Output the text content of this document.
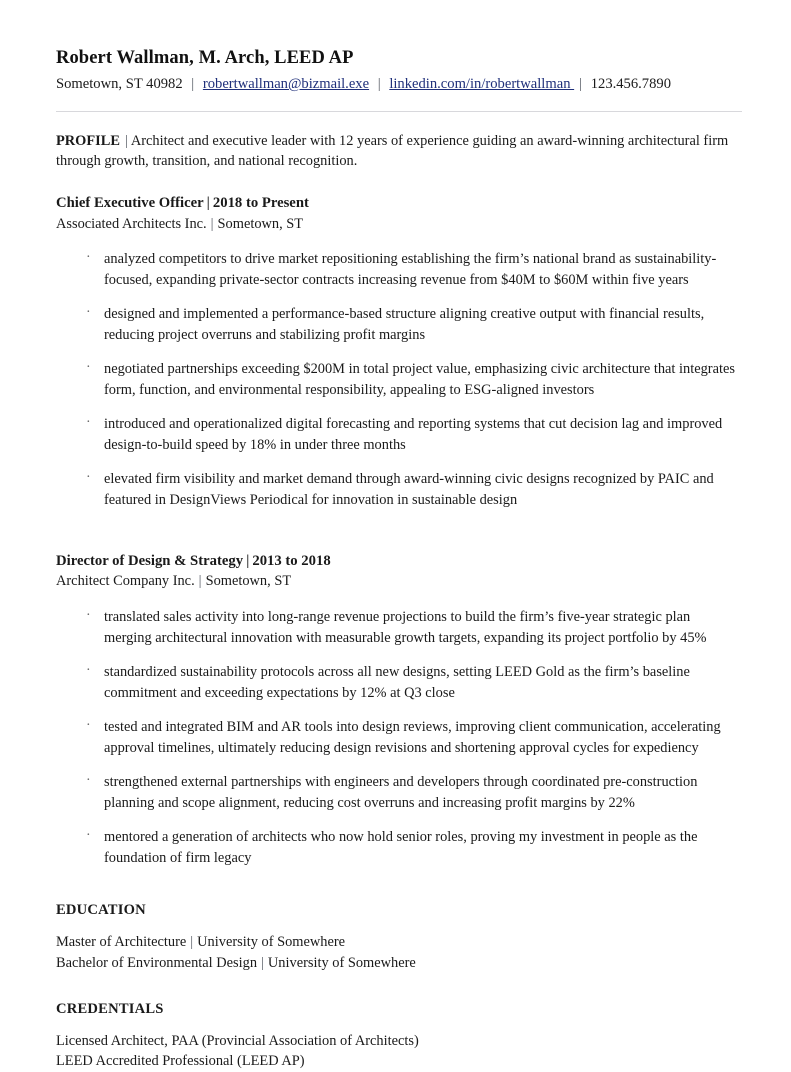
Robert Wallman, M. Arch, LEED AP

Sometown, ST 40982 | robertwallman@bizmail.exe | linkedin.com/in/robertwallman | 123.456.7890

PROFILE | Architect and executive leader with 12 years of experience guiding an award-winning architectural firm through growth, transition, and national recognition.

Chief Executive Officer | 2018 to Present

Associated Architects Inc. | Sometown, ST

· analyzed competitors to drive market repositioning establishing the firm’s national brand as sustainability-focused, expanding private-sector contracts increasing revenue from $40M to $60M within five years
· designed and implemented a performance-based structure aligning creative output with financial results, reducing project overruns and stabilizing profit margins
· negotiated partnerships exceeding $200M in total project value, emphasizing civic architecture that integrates form, function, and environmental responsibility, appealing to ESG-aligned investors
· introduced and operationalized digital forecasting and reporting systems that cut decision lag and improved design-to-build speed by 18% in under three months
· elevated firm visibility and market demand through award-winning civic designs recognized by PAIC and featured in DesignViews Periodical for innovation in sustainable design

Director of Design & Strategy | 2013 to 2018

Architect Company Inc. | Sometown, ST

· translated sales activity into long-range revenue projections to build the firm’s five-year strategic plan merging architectural innovation with measurable growth targets, expanding its project portfolio by 45%
· standardized sustainability protocols across all new designs, setting LEED Gold as the firm’s baseline commitment and exceeding expectations by 12% at Q3 close
· tested and integrated BIM and AR tools into design reviews, improving client communication, accelerating approval timelines, ultimately reducing design revisions and shortening approval cycles for expediency
· strengthened external partnerships with engineers and developers through coordinated pre-construction planning and scope alignment, reducing cost overruns and increasing profit margins by 22%
· mentored a generation of architects who now hold senior roles, proving my investment in people as the foundation of firm legacy

EDUCATION

Master of Architecture | University of Somewhere

Bachelor of Environmental Design | University of Somewhere

CREDENTIALS

Licensed Architect, PAA (Provincial Association of Architects)

LEED Accredited Professional (LEED AP)
